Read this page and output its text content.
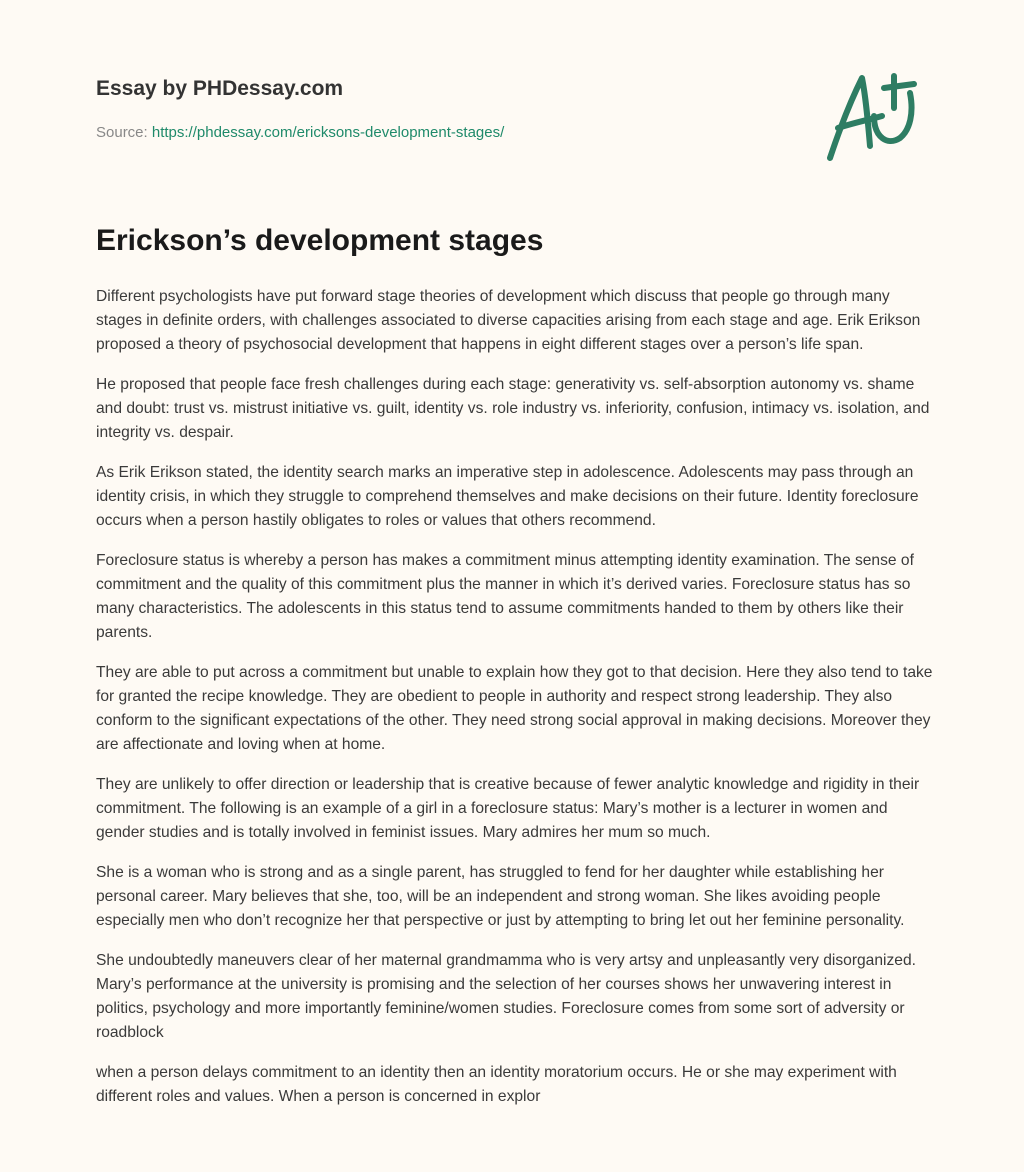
Essay by PHDessay.com
Source: https://phdessay.com/ericksons-development-stages/
Erickson’s development stages

Different psychologists have put forward stage theories of development which discuss that people go through many stages in definite orders, with challenges associated to diverse capacities arising from each stage and age. Erik Erikson proposed a theory of psychosocial development that happens in eight different stages over a person’s life span.

He proposed that people face fresh challenges during each stage: generativity vs. self-absorption autonomy vs. shame and doubt: trust vs. mistrust initiative vs. guilt, identity vs. role industry vs. inferiority, confusion, intimacy vs. isolation, and integrity vs. despair.

As Erik Erikson stated, the identity search marks an imperative step in adolescence. Adolescents may pass through an identity crisis, in which they struggle to comprehend themselves and make decisions on their future. Identity foreclosure occurs when a person hastily obligates to roles or values that others recommend.

Foreclosure status is whereby a person has makes a commitment minus attempting identity examination. The sense of commitment and the quality of this commitment plus the manner in which it’s derived varies. Foreclosure status has so many characteristics. The adolescents in this status tend to assume commitments handed to them by others like their parents.

They are able to put across a commitment but unable to explain how they got to that decision. Here they also tend to take for granted the recipe knowledge. They are obedient to people in authority and respect strong leadership. They also conform to the significant expectations of the other. They need strong social approval in making decisions. Moreover they are affectionate and loving when at home.

They are unlikely to offer direction or leadership that is creative because of fewer analytic knowledge and rigidity in their commitment. The following is an example of a girl in a foreclosure status: Mary’s mother is a lecturer in women and gender studies and is totally involved in feminist issues. Mary admires her mum so much.

She is a woman who is strong and as a single parent, has struggled to fend for her daughter while establishing her personal career. Mary believes that she, too, will be an independent and strong woman. She likes avoiding people especially men who don’t recognize her that perspective or just by attempting to bring let out her feminine personality.

She undoubtedly maneuvers clear of her maternal grandmamma who is very artsy and unpleasantly very disorganized. Mary’s performance at the university is promising and the selection of her courses shows her unwavering interest in politics, psychology and more importantly feminine/women studies. Foreclosure comes from some sort of adversity or roadblock

when a person delays commitment to an identity then an identity moratorium occurs. He or she may experiment with different roles and values. When a person is concerned in explor
